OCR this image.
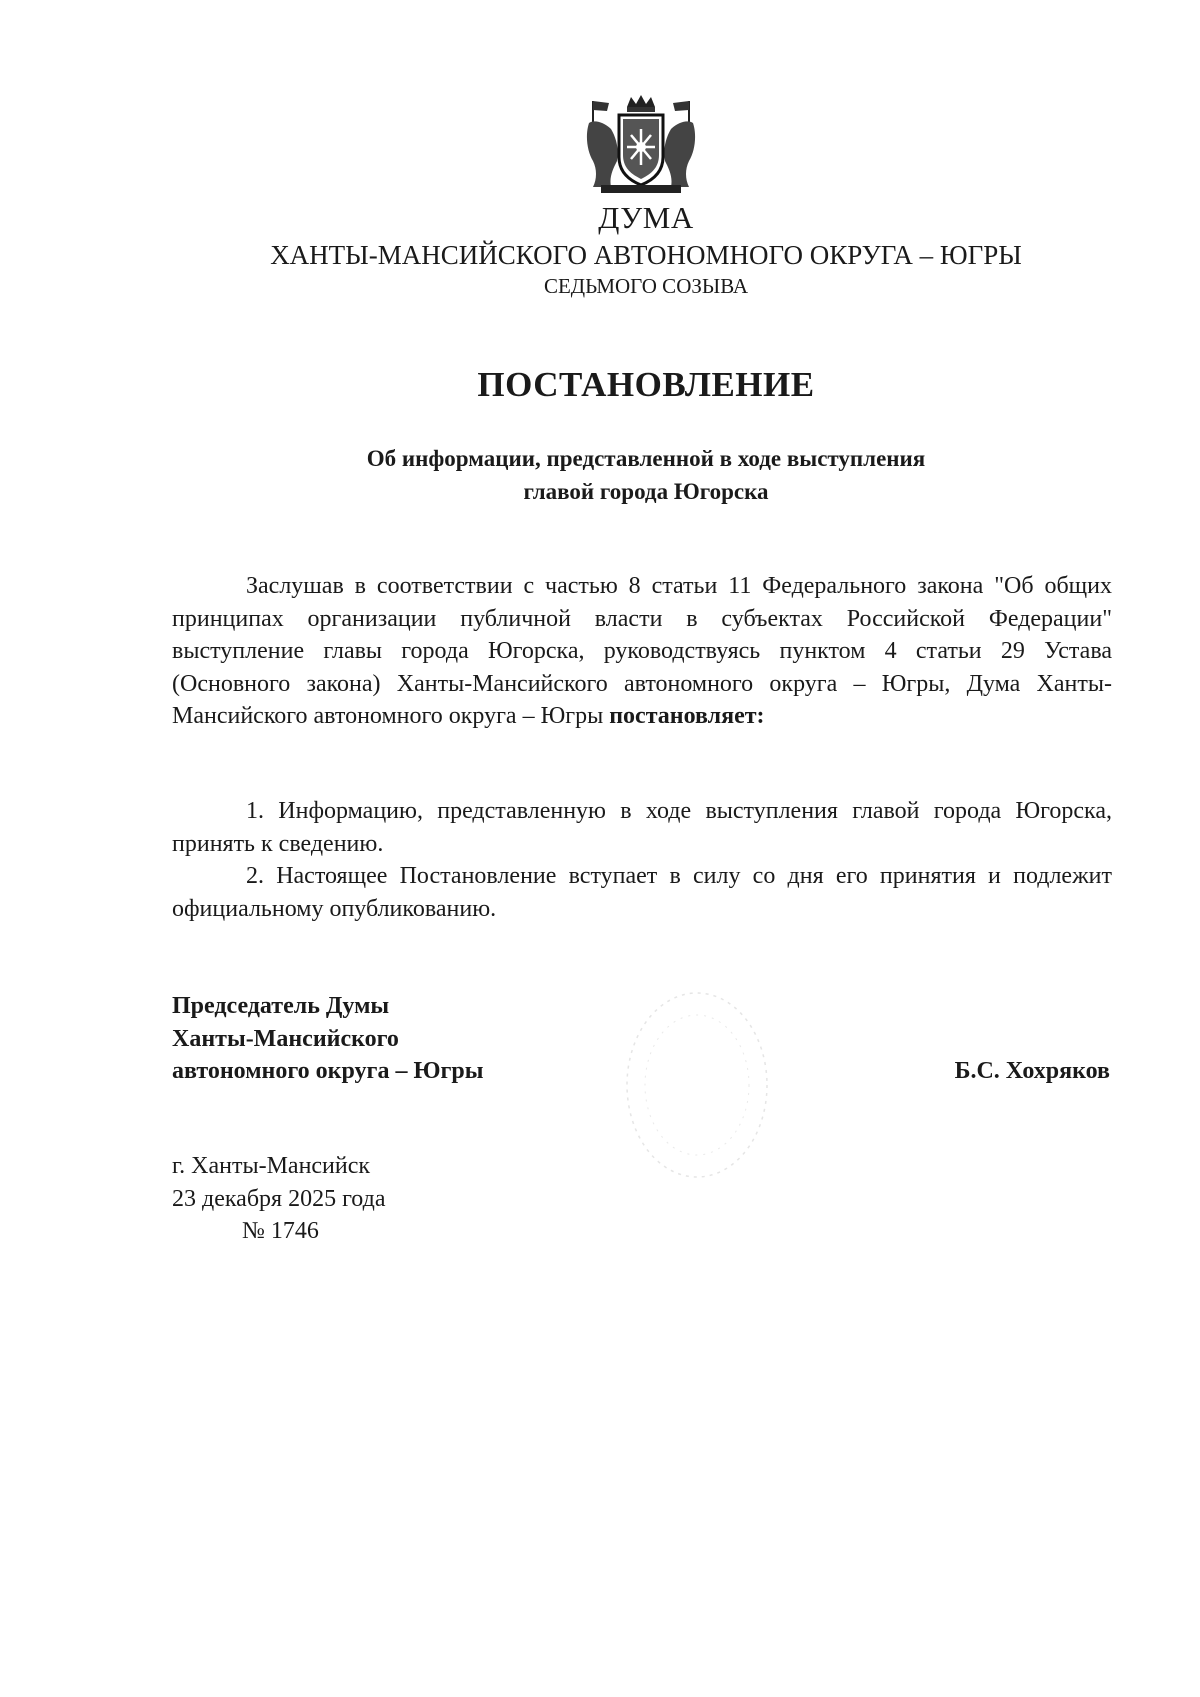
ДУМА
ХАНТЫ-МАНСИЙСКОГО АВТОНОМНОГО ОКРУГА – ЮГРЫ
СЕДЬМОГО СОЗЫВА
ПОСТАНОВЛЕНИЕ
Об информации, представленной в ходе выступления
главой города Югорска

Заслушав в соответствии с частью 8 статьи 11 Федерального закона "Об общих принципах организации публичной власти в субъектах Российской Федерации" выступление главы города Югорска, руководствуясь пунктом 4 статьи 29 Устава (Основного закона) Ханты-Мансийского автономного округа – Югры, Дума Ханты-Мансийского автономного округа – Югры постановляет:

1. Информацию, представленную в ходе выступления главой города Югорска, принять к сведению.

2. Настоящее Постановление вступает в силу со дня его принятия и подлежит официальному опубликованию.

Председатель Думы
Ханты-Мансийского
автономного округа – Югры	Б.С. Хохряков
г. Ханты-Мансийск
23 декабря 2025 года
№ 1746
